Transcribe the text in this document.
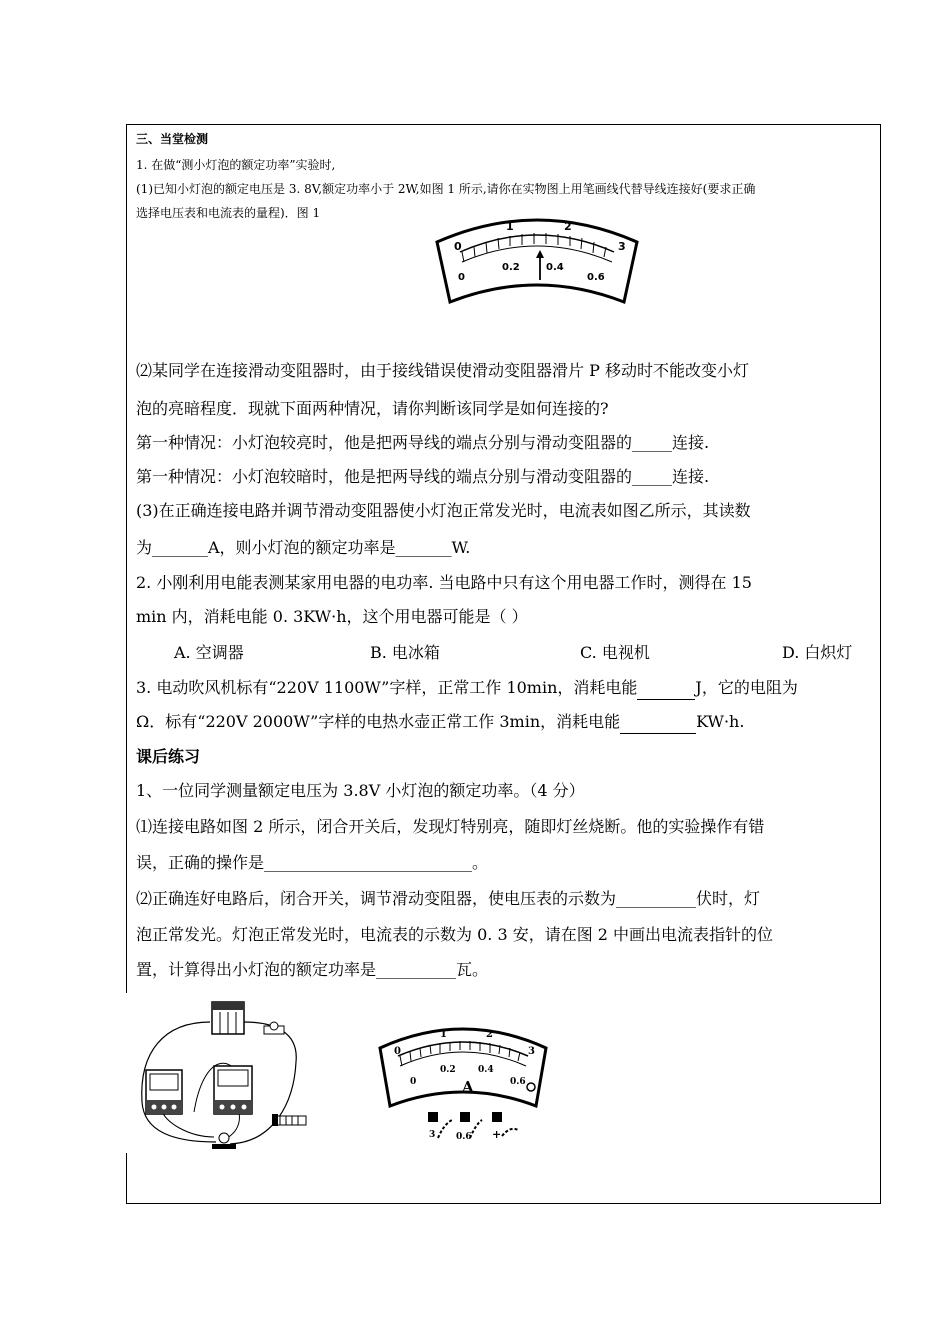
三、当堂检测
1. 在做“测小灯泡的额定功率”实验时,
(1)已知小灯泡的额定电压是 3. 8V,额定功率小于 2W,如图 1 所示,请你在实物图上用笔画线代替导线连接好(要求正确
选择电压表和电流表的量程)．图 1
0
1	2
3
0
0.2	0.4
0.6
⑵某同学在连接滑动变阻器时，由于接线错误使滑动变阻器滑片 P 移动时不能改变小灯
泡的亮暗程度．现就下面两种情况，请你判断该同学是如何连接的?
第一种情况：小灯泡较亮时，他是把两导线的端点分别与滑动变阻器的_____连接.
第一种情况：小灯泡较暗时，他是把两导线的端点分别与滑动变阻器的_____连接.
(3)在正确连接电路并调节滑动变阻器使小灯泡正常发光时，电流表如图乙所示，其读数
为_______A，则小灯泡的额定功率是_______W.
2. 小刚利用电能表测某家用电器的电功率. 当电路中只有这个用电器工作时，测得在 15
min 内，消耗电能 0. 3KW·h，这个用电器可能是（ ）
A. 空调器	B. 电冰箱	C. 电视机	D. 白炽灯
3. 电动吹风机标有“220V 1100W”字样，正常工作 10min，消耗电能	J，它的电阻为
Ω．标有“220V 2000W”字样的电热水壶正常工作 3min，消耗电能	KW·h.
课后练习
1、一位同学测量额定电压为 3.8V 小灯泡的额定功率。（4 分）
⑴连接电路如图 2 所示，闭合开关后，发现灯特别亮，随即灯丝烧断。他的实验操作有错
误，正确的操作是__________________________。
⑵正确连好电路后，闭合开关，调节滑动变阻器，使电压表的示数为__________伏时，灯
泡正常发光。灯泡正常发光时，电流表的示数为 0. 3 安，请在图 2 中画出电流表指针的位
置，计算得出小灯泡的额定功率是__________瓦。
0
1	2
3
0
0.2 0.4
0.6
A
3 0.6 +
